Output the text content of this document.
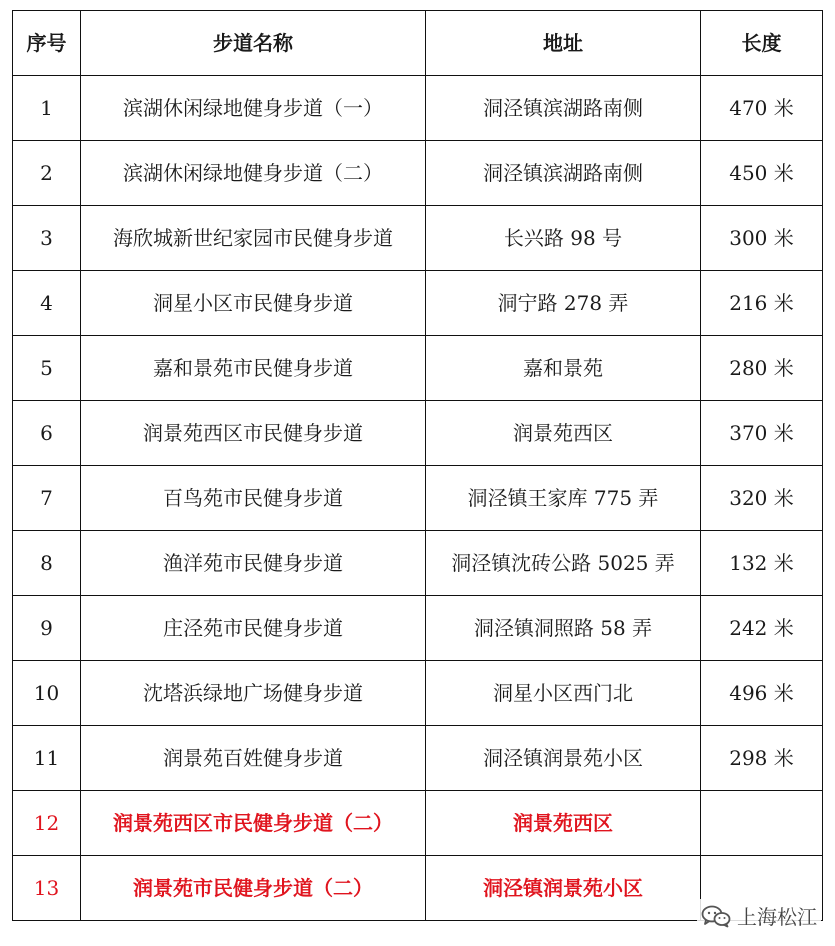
序号	步道名称	地址	长度
1	滨湖休闲绿地健身步道（一）	洞泾镇滨湖路南侧	470 米
2	滨湖休闲绿地健身步道（二）	洞泾镇滨湖路南侧	450 米
3	海欣城新世纪家园市民健身步道	长兴路 98 号	300 米
4	洞星小区市民健身步道	洞宁路 278 弄	216 米
5	嘉和景苑市民健身步道	嘉和景苑	280 米
6	润景苑西区市民健身步道	润景苑西区	370 米
7	百鸟苑市民健身步道	洞泾镇王家库 775 弄	320 米
8	渔洋苑市民健身步道	洞泾镇沈砖公路 5025 弄	132 米
9	庄泾苑市民健身步道	洞泾镇洞照路 58 弄	242 米
10	沈塔浜绿地广场健身步道	洞星小区西门北	496 米
11	润景苑百姓健身步道	洞泾镇润景苑小区	298 米
12	润景苑西区市民健身步道（二）	润景苑西区	
13	润景苑市民健身步道（二）	洞泾镇润景苑小区	
上海松江
